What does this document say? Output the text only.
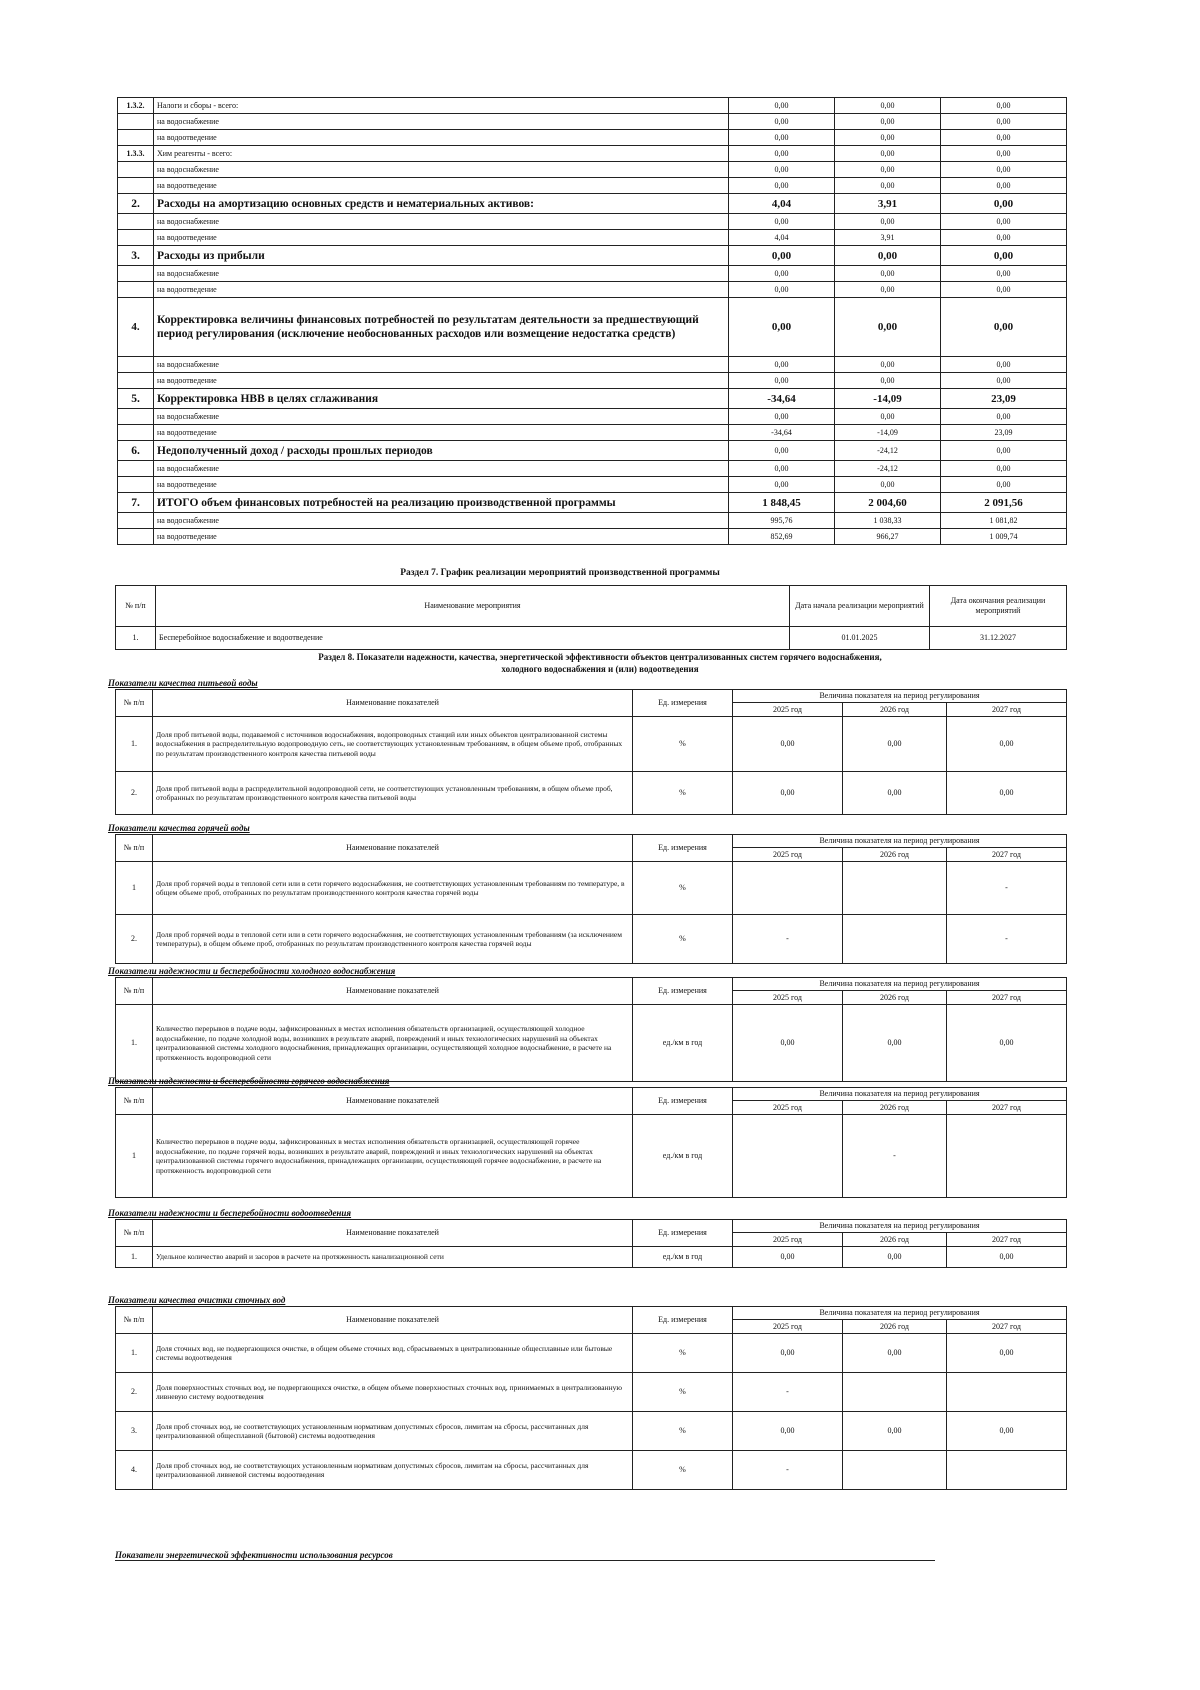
1.3.2.	Налоги и сборы - всего:	0,00	0,00	0,00
	на водоснабжение	0,00	0,00	0,00
	на водоотведение	0,00	0,00	0,00
1.3.3.	Хим реагенты - всего:	0,00	0,00	0,00
	на водоснабжение	0,00	0,00	0,00
	на водоотведение	0,00	0,00	0,00
2.	Расходы на амортизацию основных средств и нематериальных активов:	4,04	3,91	0,00
	на водоснабжение	0,00	0,00	0,00
	на водоотведение	4,04	3,91	0,00
3.	Расходы из прибыли	0,00	0,00	0,00
	на водоснабжение	0,00	0,00	0,00
	на водоотведение	0,00	0,00	0,00
4.	Корректировка величины финансовых потребностей по результатам деятельности за предшествующий период регулирования (исключение необоснованных расходов или возмещение недостатка средств)	0,00	0,00	0,00
	на водоснабжение	0,00	0,00	0,00
	на водоотведение	0,00	0,00	0,00
5.	Корректировка НВВ в целях сглаживания	-34,64	-14,09	23,09
	на водоснабжение	0,00	0,00	0,00
	на водоотведение	-34,64	-14,09	23,09
6.	Недополученный доход / расходы прошлых периодов	0,00	-24,12	0,00
	на водоснабжение	0,00	-24,12	0,00
	на водоотведение	0,00	0,00	0,00
7.	ИТОГО объем финансовых потребностей на реализацию производственной программы	1 848,45	2 004,60	2 091,56
	на водоснабжение	995,76	1 038,33	1 081,82
	на водоотведение	852,69	966,27	1 009,74
Раздел 7. График реализации мероприятий производственной программы
№ п/п	Наименование мероприятия	Дата начала реализации мероприятий	Дата окончания реализации мероприятий
1.	Бесперебойное водоснабжение и водоотведение	01.01.2025	31.12.2027
Раздел 8. Показатели надежности, качества, энергетической эффективности объектов централизованных систем горячего водоснабжения,
холодного водоснабжения и (или) водоотведения
Показатели качества питьевой воды
№ п/п	Наименование показателей	Ед. измерения	Величина показателя на период регулирования		
			2025 год	2026 год	2027 год
1.	Доля проб питьевой воды, подаваемой с источников водоснабжения, водопроводных станций или иных объектов централизованной системы водоснабжения в распределительную водопроводную сеть, не соответствующих установленным требованиям, в общем объеме проб, отобранных по результатам производственного контроля качества питьевой воды	%	0,00	0,00	0,00
2.	Доля проб питьевой воды в распределительной водопроводной сети, не соответствующих установленным требованиям, в общем объеме проб, отобранных по результатам производственного контроля качества питьевой воды	%	0,00	0,00	0,00
Показатели качества горячей воды
№ п/п	Наименование показателей	Ед. измерения	Величина показателя на период регулирования		
			2025 год	2026 год	2027 год
1	Доля проб горячей воды в тепловой сети или в сети горячего водоснабжения, не соответствующих установленным требованиям по температуре, в общем объеме проб, отобранных по результатам производственного контроля качества горячей воды	%			-
2.	Доля проб горячей воды в тепловой сети или в сети горячего водоснабжения, не соответствующих установленным требованиям (за исключением температуры), в общем объеме проб, отобранных по результатам производственного контроля качества горячей воды	%	-		-
Показатели надежности и бесперебойности холодного водоснабжения
№ п/п	Наименование показателей	Ед. измерения	Величина показателя на период регулирования		
			2025 год	2026 год	2027 год
1.	Количество перерывов в подаче воды, зафиксированных в местах исполнения обязательств организацией, осуществляющей холодное водоснабжение, по подаче холодной воды, возникших в результате аварий, повреждений и иных технологических нарушений на объектах централизованной системы холодного водоснабжения, принадлежащих организации, осуществляющей холодное водоснабжение, в расчете на протяженность водопроводной сети	ед./км в год	0,00	0,00	0,00
Показатели надежности и бесперебойности горячего водоснабжения
№ п/п	Наименование показателей	Ед. измерения	Величина показателя на период регулирования		
			2025 год	2026 год	2027 год
1	Количество перерывов в подаче воды, зафиксированных в местах исполнения обязательств организацией, осуществляющей горячее водоснабжение, по подаче горячей воды, возникших в результате аварий, повреждений и иных технологических нарушений на объектах централизованной системы горячего водоснабжения, принадлежащих организации, осуществляющей горячее водоснабжение, в расчете на протяженность водопроводной сети	ед./км в год		-	
Показатели надежности и бесперебойности водоотведения
№ п/п	Наименование показателей	Ед. измерения	Величина показателя на период регулирования		
			2025 год	2026 год	2027 год
1.	Удельное количество аварий и засоров в расчете на протяженность канализационной сети	ед./км в год	0,00	0,00	0,00
Показатели качества очистки сточных вод
№ п/п	Наименование показателей	Ед. измерения	Величина показателя на период регулирования		
			2025 год	2026 год	2027 год
1.	Доля сточных вод, не подвергающихся очистке, в общем объеме сточных вод, сбрасываемых в централизованные общесплавные или бытовые системы водоотведения	%	0,00	0,00	0,00
2.	Доля поверхностных сточных вод, не подвергающихся очистке, в общем объеме поверхностных сточных вод, принимаемых в централизованную ливневую систему водоотведения	%	-		
3.	Доля проб сточных вод, не соответствующих установленным нормативам допустимых сбросов, лимитам на сбросы, рассчитанных для централизованной общесплавной (бытовой) системы водоотведения	%	0,00	0,00	0,00
4.	Доля проб сточных вод, не соответствующих установленным нормативам допустимых сбросов, лимитам на сбросы, рассчитанных для централизованной ливневой системы водоотведения	%	-		
Показатели энергетической эффективности использования ресурсов
